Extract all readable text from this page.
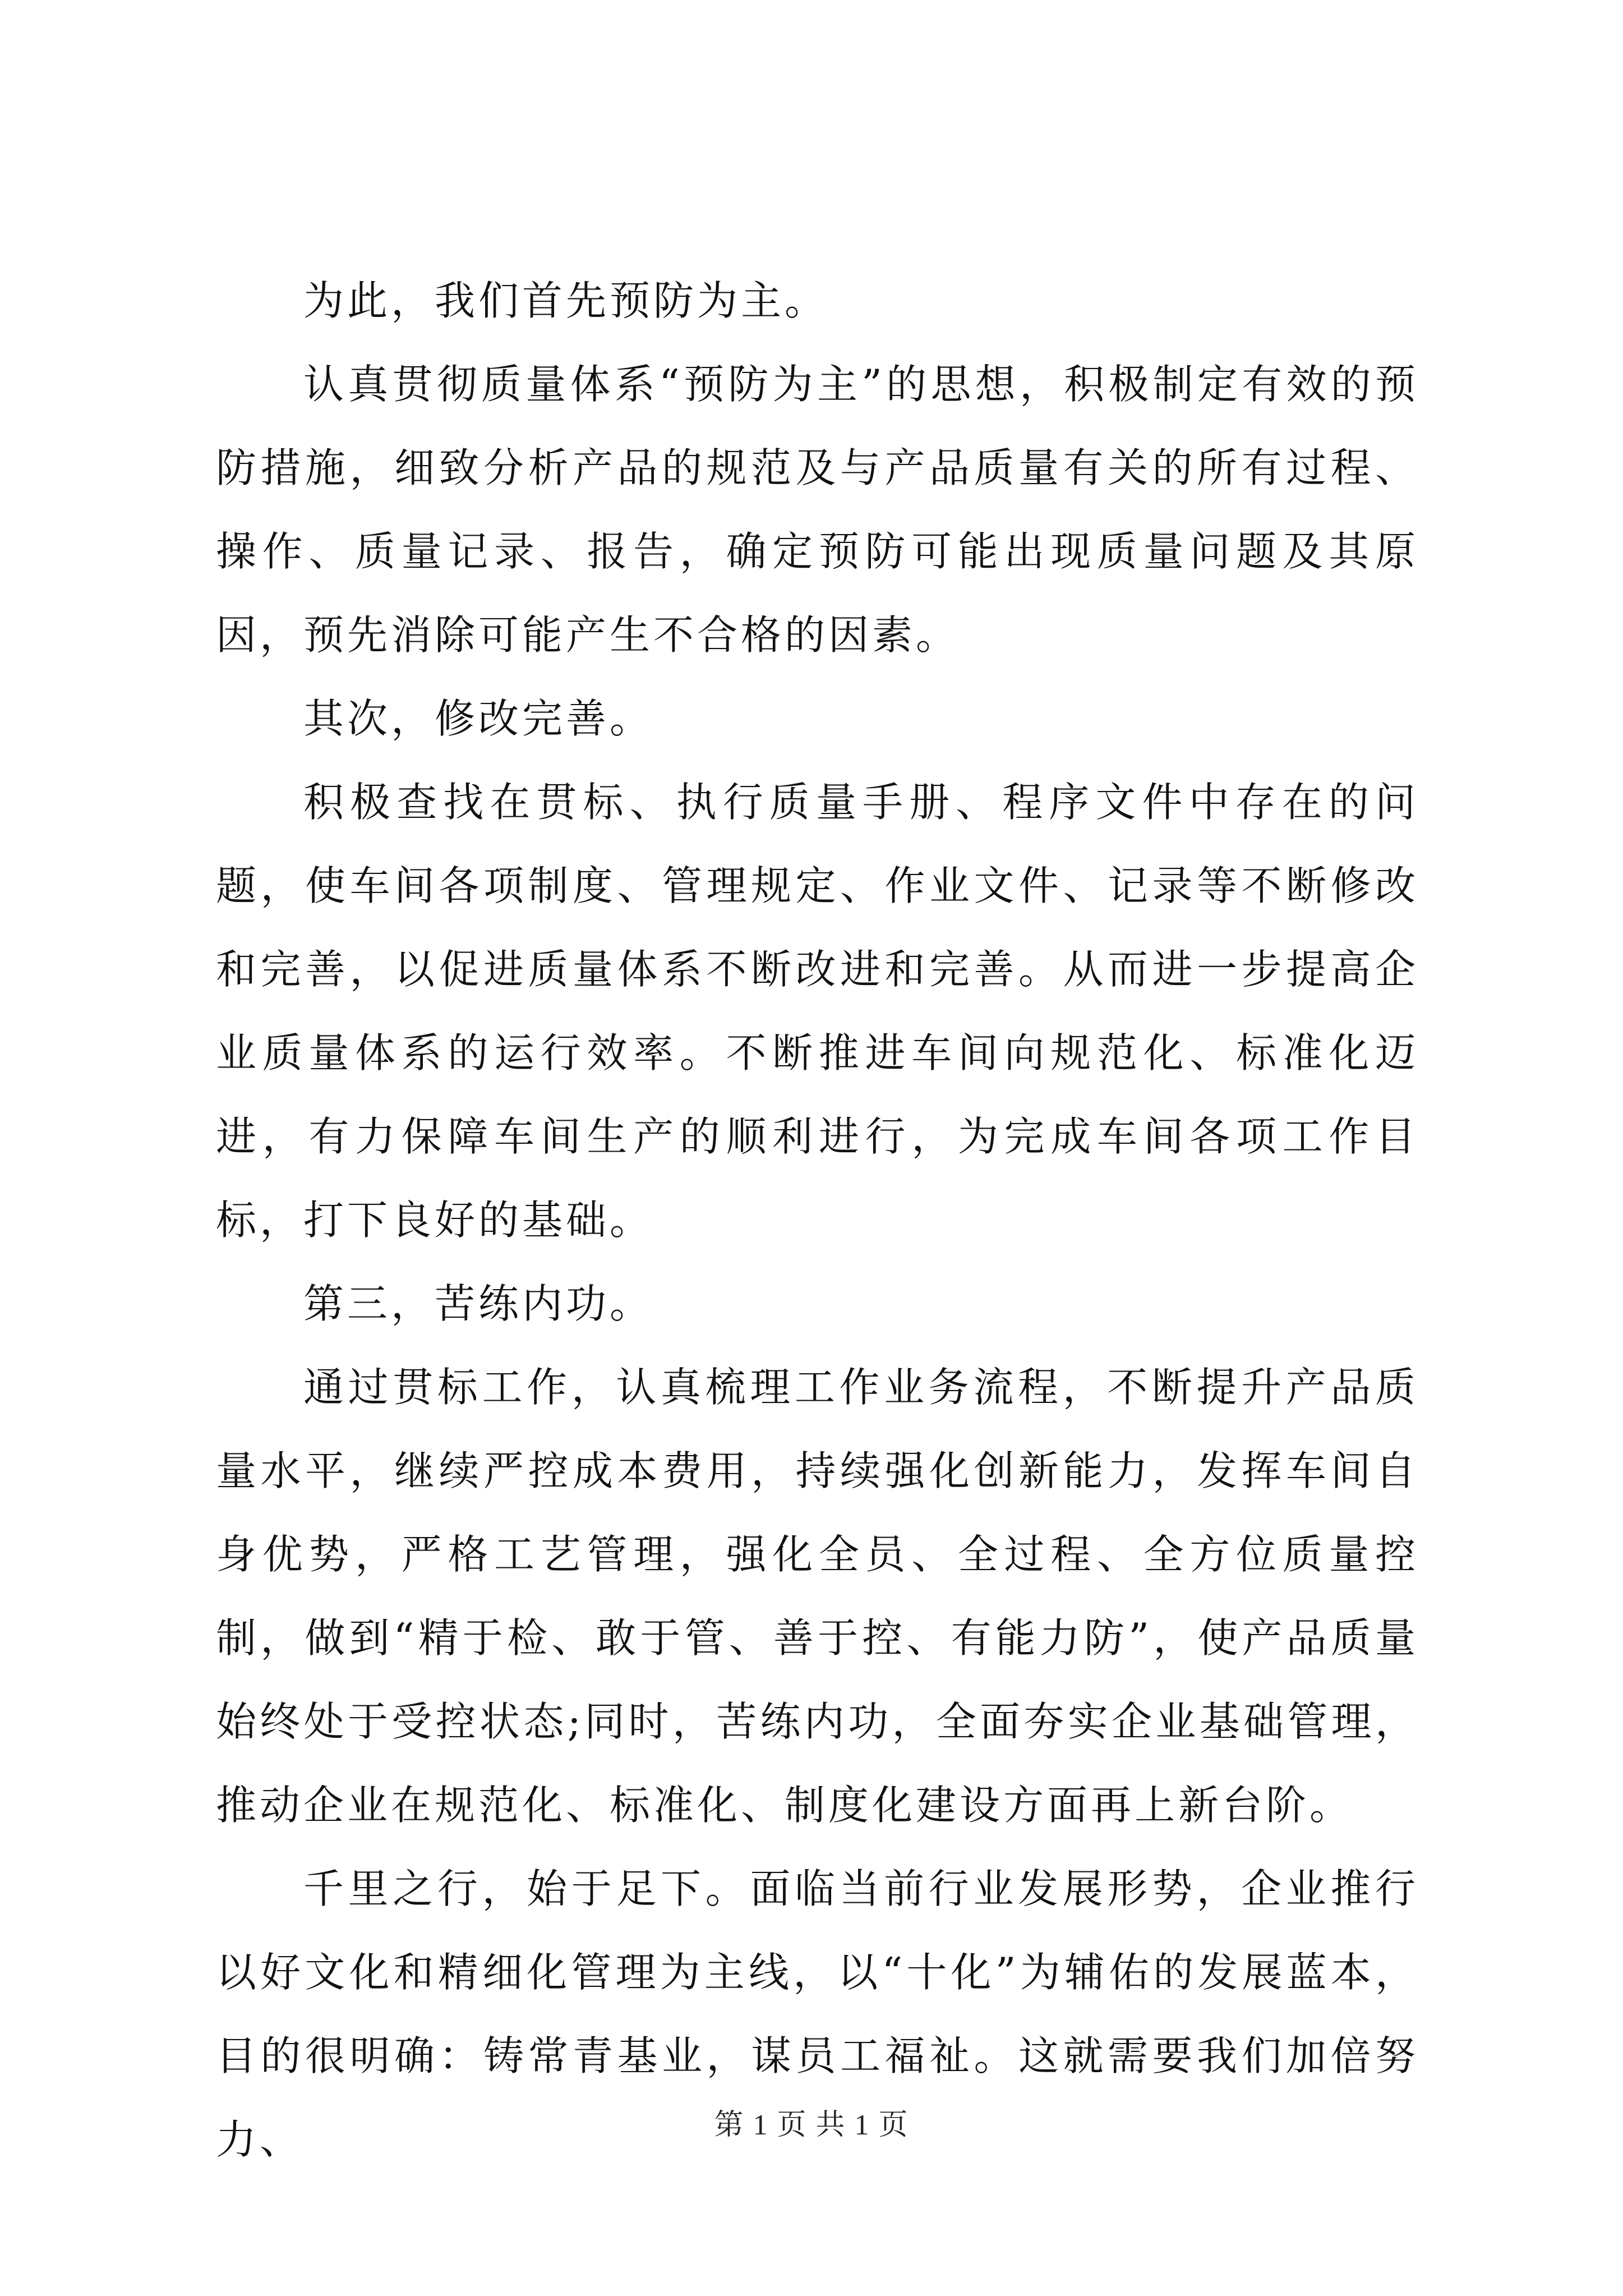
为此，我们首先预防为主。

认真贯彻质量体系“预防为主”的思想，积极制定有效的预防措施，细致分析产品的规范及与产品质量有关的所有过程、操作、质量记录、报告，确定预防可能出现质量问题及其原因，预先消除可能产生不合格的因素。

其次，修改完善。

积极查找在贯标、执行质量手册、程序文件中存在的问题，使车间各项制度、管理规定、作业文件、记录等不断修改和完善，以促进质量体系不断改进和完善。从而进一步提高企业质量体系的运行效率。不断推进车间向规范化、标准化迈进，有力保障车间生产的顺利进行，为完成车间各项工作目标，打下良好的基础。

第三，苦练内功。

通过贯标工作，认真梳理工作业务流程，不断提升产品质量水平，继续严控成本费用，持续强化创新能力，发挥车间自身优势，严格工艺管理，强化全员、全过程、全方位质量控制，做到“精于检、敢于管、善于控、有能力防”，使产品质量始终处于受控状态;同时，苦练内功，全面夯实企业基础管理，推动企业在规范化、标准化、制度化建设方面再上新台阶。

千里之行，始于足下。面临当前行业发展形势，企业推行以好文化和精细化管理为主线，以“十化”为辅佑的发展蓝本，目的很明确：铸常青基业，谋员工福祉。这就需要我们加倍努力、	第 1 页 共 1 页
